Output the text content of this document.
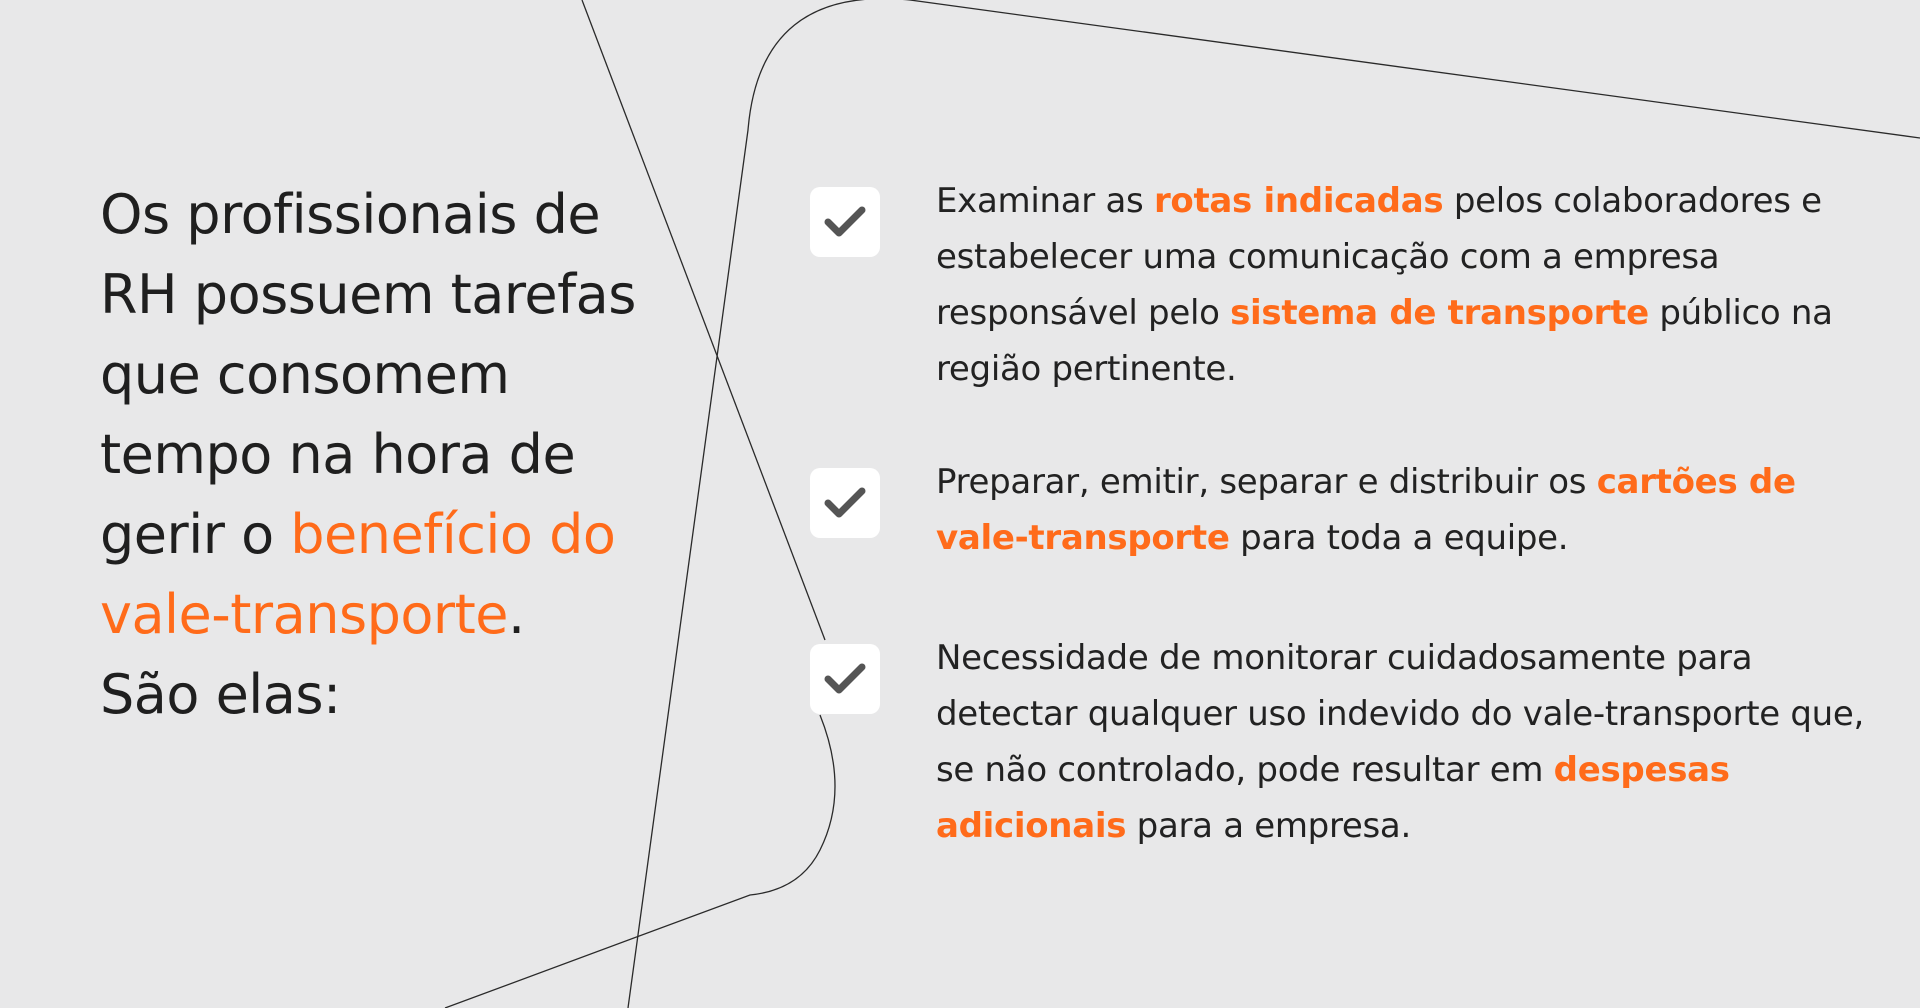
Os profissionais de RH possuem tarefas que consomem tempo na hora de gerir o benefício do vale-transporte.
São elas:
Examinar as rotas indicadas pelos colaboradores e estabelecer uma comunicação com a empresa responsável pelo sistema de transporte público na região pertinente.
Preparar, emitir, separar e distribuir os cartões de vale-transporte para toda a equipe.
Necessidade de monitorar cuidadosamente para detectar qualquer uso indevido do vale-transporte que, se não controlado, pode resultar em despesas adicionais para a empresa.
